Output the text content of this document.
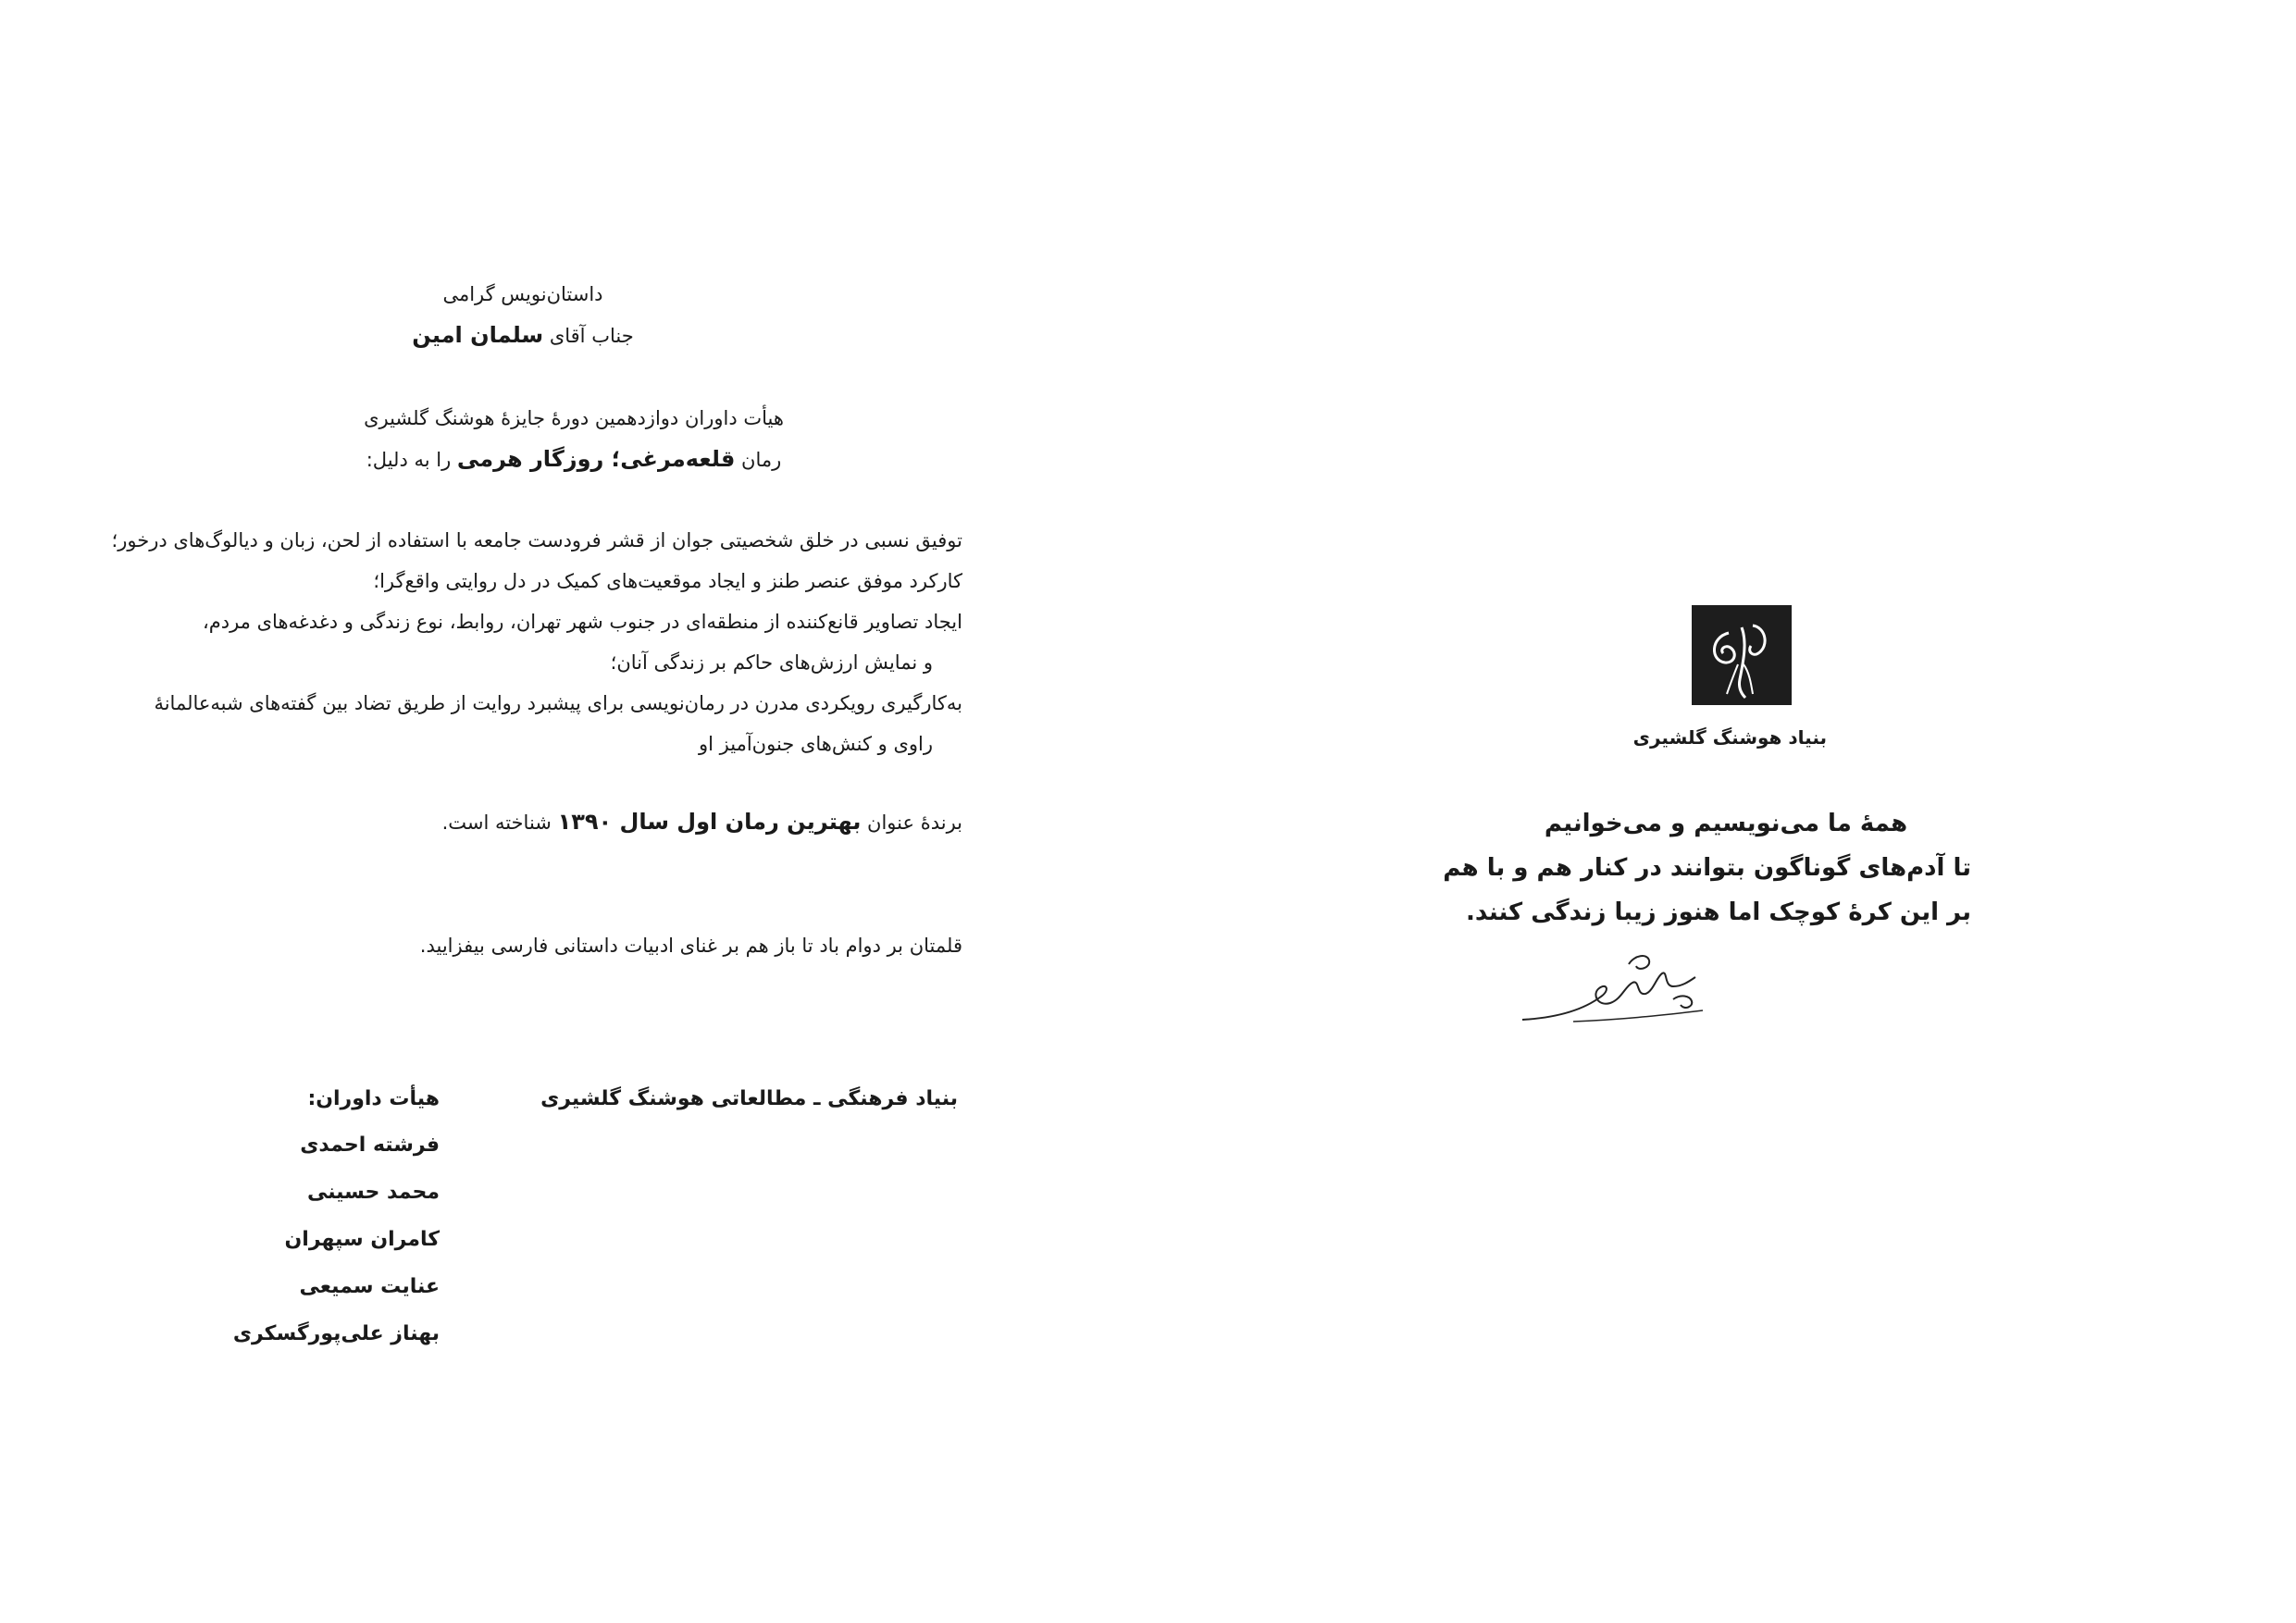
داستان‌نویس گرامی
جناب آقای سلمان امین
هیأت داوران دوازدهمین دورهٔ جایزهٔ هوشنگ گلشیری
رمان قلعه‌مرغی؛ روزگار هرمی را به دلیل:
توفیق نسبی در خلق شخصیتی جوان از قشر فرودست جامعه با استفاده از لحن، زبان و دیالوگ‌های درخور؛
کارکرد موفق عنصر طنز و ایجاد موقعیت‌های کمیک در دل روایتی واقع‌گرا؛
ایجاد تصاویر قانع‌کننده از منطقه‌ای در جنوب شهر تهران، روابط، نوع زندگی و دغدغه‌های مردم،
و نمایش ارزش‌های حاکم بر زندگی آنان؛
به‌کارگیری رویکردی مدرن در رمان‌نویسی برای پیشبرد روایت از طریق تضاد بین گفته‌های شبه‌عالمانهٔ
راوی و کنش‌های جنون‌آمیز او
برندهٔ عنوان بهترین رمان اول سال ۱۳۹۰ شناخته است.
قلمتان بر دوام باد تا باز هم بر غنای ادبیات داستانی فارسی بیفزایید.
بنیاد فرهنگی ـ مطالعاتی هوشنگ گلشیری
هیأت داوران:
فرشته احمدی
محمد حسینی
کامران سپهران
عنایت سمیعی
بهناز علی‌پورگسکری
بنیاد هوشنگ گلشیری
همهٔ ما می‌نویسیم و می‌خوانیم
تا آدم‌های گوناگون بتوانند در کنار هم و با هم
بر این کرهٔ کوچک اما هنوز زیبا زندگی کنند.
